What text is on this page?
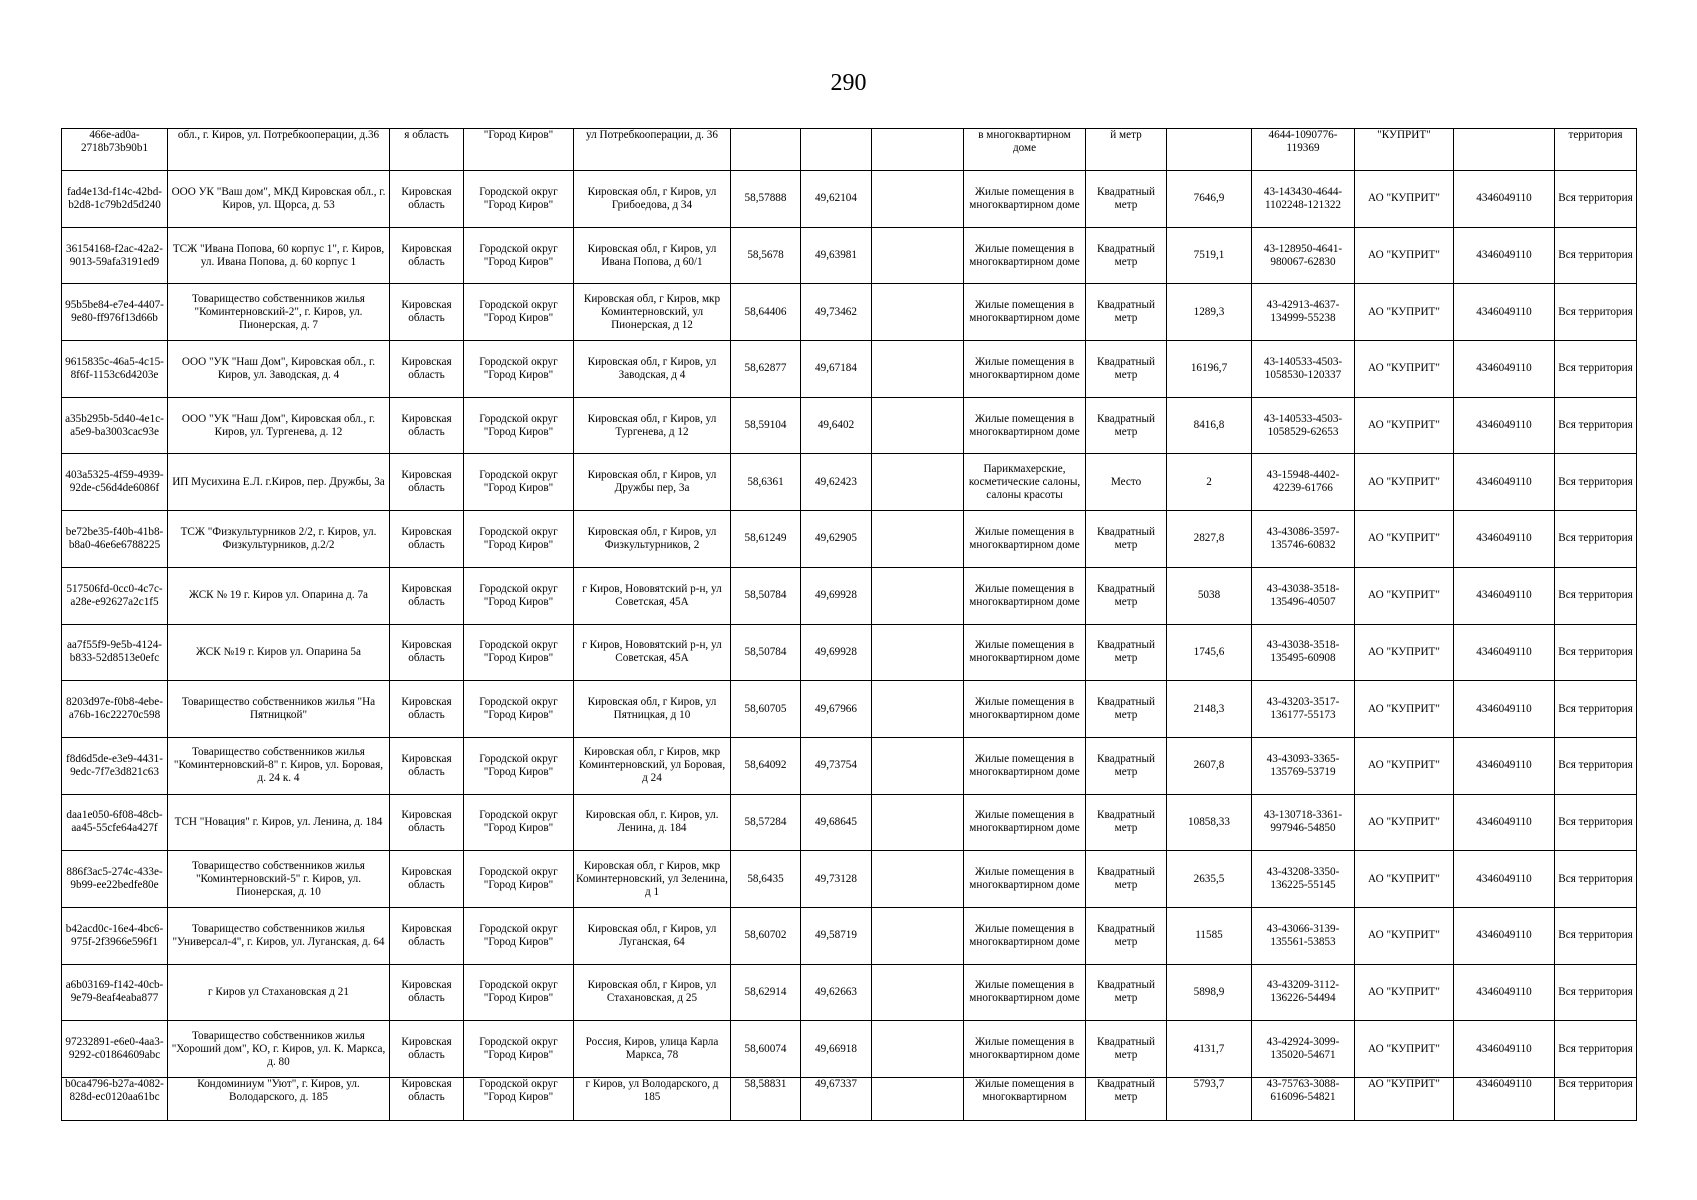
290
466e-ad0a-2718b73b90b1	обл., г. Киров, ул. Потребкооперации, д.36	я область	"Город Киров"	ул Потребкооперации, д. 36				в многоквартирном доме	й метр		4644-1090776-119369	"КУПРИТ"		территория
fad4e13d-f14c-42bd-b2d8-1c79b2d5d240	ООО УК "Ваш дом", МКД Кировская обл., г. Киров, ул. Щорса, д. 53	Кировская область	Городской округ "Город Киров"	Кировская обл, г Киров, ул Грибоедова, д 34	58,57888	49,62104		Жилые помещения в многоквартирном доме	Квадратный метр	7646,9	43-143430-4644-1102248-121322	АО "КУПРИТ"	4346049110	Вся территория
36154168-f2ac-42a2-9013-59afa3191ed9	ТСЖ "Ивана Попова, 60 корпус 1", г. Киров, ул. Ивана Попова, д. 60 корпус 1	Кировская область	Городской округ "Город Киров"	Кировская обл, г Киров, ул Ивана Попова, д 60/1	58,5678	49,63981		Жилые помещения в многоквартирном доме	Квадратный метр	7519,1	43-128950-4641-980067-62830	АО "КУПРИТ"	4346049110	Вся территория
95b5be84-e7e4-4407-9e80-ff976f13d66b	Товарищество собственников жилья "Коминтерновский-2", г. Киров, ул. Пионерская, д. 7	Кировская область	Городской округ "Город Киров"	Кировская обл, г Киров, мкр Коминтерновский, ул Пионерская, д 12	58,64406	49,73462		Жилые помещения в многоквартирном доме	Квадратный метр	1289,3	43-42913-4637-134999-55238	АО "КУПРИТ"	4346049110	Вся территория
9615835c-46a5-4c15-8f6f-1153c6d4203e	ООО "УК "Наш Дом", Кировская обл., г. Киров, ул. Заводская, д. 4	Кировская область	Городской округ "Город Киров"	Кировская обл, г Киров, ул Заводская, д 4	58,62877	49,67184		Жилые помещения в многоквартирном доме	Квадратный метр	16196,7	43-140533-4503-1058530-120337	АО "КУПРИТ"	4346049110	Вся территория
a35b295b-5d40-4e1c-a5e9-ba3003cac93e	ООО "УК "Наш Дом", Кировская обл., г. Киров, ул. Тургенева, д. 12	Кировская область	Городской округ "Город Киров"	Кировская обл, г Киров, ул Тургенева, д 12	58,59104	49,6402		Жилые помещения в многоквартирном доме	Квадратный метр	8416,8	43-140533-4503-1058529-62653	АО "КУПРИТ"	4346049110	Вся территория
403a5325-4f59-4939-92de-c56d4de6086f	ИП Мусихина Е.Л. г.Киров, пер. Дружбы, 3а	Кировская область	Городской округ "Город Киров"	Кировская обл, г Киров, ул Дружбы пер, 3а	58,6361	49,62423		Парикмахерские, косметические салоны, салоны красоты	Место	2	43-15948-4402-42239-61766	АО "КУПРИТ"	4346049110	Вся территория
be72be35-f40b-41b8-b8a0-46e6e6788225	ТСЖ "Физкультурников 2/2, г. Киров, ул. Физкультурников, д.2/2	Кировская область	Городской округ "Город Киров"	Кировская обл, г Киров, ул Физкультурников, 2	58,61249	49,62905		Жилые помещения в многоквартирном доме	Квадратный метр	2827,8	43-43086-3597-135746-60832	АО "КУПРИТ"	4346049110	Вся территория
517506fd-0cc0-4c7c-a28e-e92627a2c1f5	ЖСК № 19 г. Киров ул. Опарина д. 7а	Кировская область	Городской округ "Город Киров"	г Киров, Нововятский р-н, ул Советская, 45А	58,50784	49,69928		Жилые помещения в многоквартирном доме	Квадратный метр	5038	43-43038-3518-135496-40507	АО "КУПРИТ"	4346049110	Вся территория
aa7f55f9-9e5b-4124-b833-52d8513e0efc	ЖСК №19 г. Киров ул. Опарина 5а	Кировская область	Городской округ "Город Киров"	г Киров, Нововятский р-н, ул Советская, 45А	58,50784	49,69928		Жилые помещения в многоквартирном доме	Квадратный метр	1745,6	43-43038-3518-135495-60908	АО "КУПРИТ"	4346049110	Вся территория
8203d97e-f0b8-4ebe-a76b-16c22270c598	Товарищество собственников жилья "На Пятницкой"	Кировская область	Городской округ "Город Киров"	Кировская обл, г Киров, ул Пятницкая, д 10	58,60705	49,67966		Жилые помещения в многоквартирном доме	Квадратный метр	2148,3	43-43203-3517-136177-55173	АО "КУПРИТ"	4346049110	Вся территория
f8d6d5de-e3e9-4431-9edc-7f7e3d821c63	Товарищество собственников жилья "Коминтерновский-8" г. Киров, ул. Боровая, д. 24 к. 4	Кировская область	Городской округ "Город Киров"	Кировская обл, г Киров, мкр Коминтерновский, ул Боровая, д 24	58,64092	49,73754		Жилые помещения в многоквартирном доме	Квадратный метр	2607,8	43-43093-3365-135769-53719	АО "КУПРИТ"	4346049110	Вся территория
daa1e050-6f08-48cb-aa45-55cfe64a427f	ТСН "Новация" г. Киров, ул. Ленина, д. 184	Кировская область	Городской округ "Город Киров"	Кировская обл, г. Киров, ул. Ленина, д. 184	58,57284	49,68645		Жилые помещения в многоквартирном доме	Квадратный метр	10858,33	43-130718-3361-997946-54850	АО "КУПРИТ"	4346049110	Вся территория
886f3ac5-274c-433e-9b99-ee22bedfe80e	Товарищество собственников жилья "Коминтерновский-5" г. Киров, ул. Пионерская, д. 10	Кировская область	Городской округ "Город Киров"	Кировская обл, г Киров, мкр Коминтерновский, ул Зеленина, д 1	58,6435	49,73128		Жилые помещения в многоквартирном доме	Квадратный метр	2635,5	43-43208-3350-136225-55145	АО "КУПРИТ"	4346049110	Вся территория
b42acd0c-16e4-4bc6-975f-2f3966e596f1	Товарищество собственников жилья "Универсал-4", г. Киров, ул. Луганская, д. 64	Кировская область	Городской округ "Город Киров"	Кировская обл, г Киров, ул Луганская, 64	58,60702	49,58719		Жилые помещения в многоквартирном доме	Квадратный метр	11585	43-43066-3139-135561-53853	АО "КУПРИТ"	4346049110	Вся территория
a6b03169-f142-40cb-9e79-8eaf4eaba877	г Киров ул Стахановская д 21	Кировская область	Городской округ "Город Киров"	Кировская обл, г Киров, ул Стахановская, д 25	58,62914	49,62663		Жилые помещения в многоквартирном доме	Квадратный метр	5898,9	43-43209-3112-136226-54494	АО "КУПРИТ"	4346049110	Вся территория
97232891-e6e0-4aa3-9292-c01864609abc	Товарищество собственников жилья "Хороший дом", КО, г. Киров, ул. К. Маркса, д. 80	Кировская область	Городской округ "Город Киров"	Россия, Киров, улица Карла Маркса, 78	58,60074	49,66918		Жилые помещения в многоквартирном доме	Квадратный метр	4131,7	43-42924-3099-135020-54671	АО "КУПРИТ"	4346049110	Вся территория
b0ca4796-b27a-4082-828d-ec0120aa61bc	Кондоминиум "Уют", г. Киров, ул. Володарского, д. 185	Кировская область	Городской округ "Город Киров"	г Киров, ул Володарского, д 185	58,58831	49,67337		Жилые помещения в многоквартирном	Квадратный метр	5793,7	43-75763-3088-616096-54821	АО "КУПРИТ"	4346049110	Вся территория
